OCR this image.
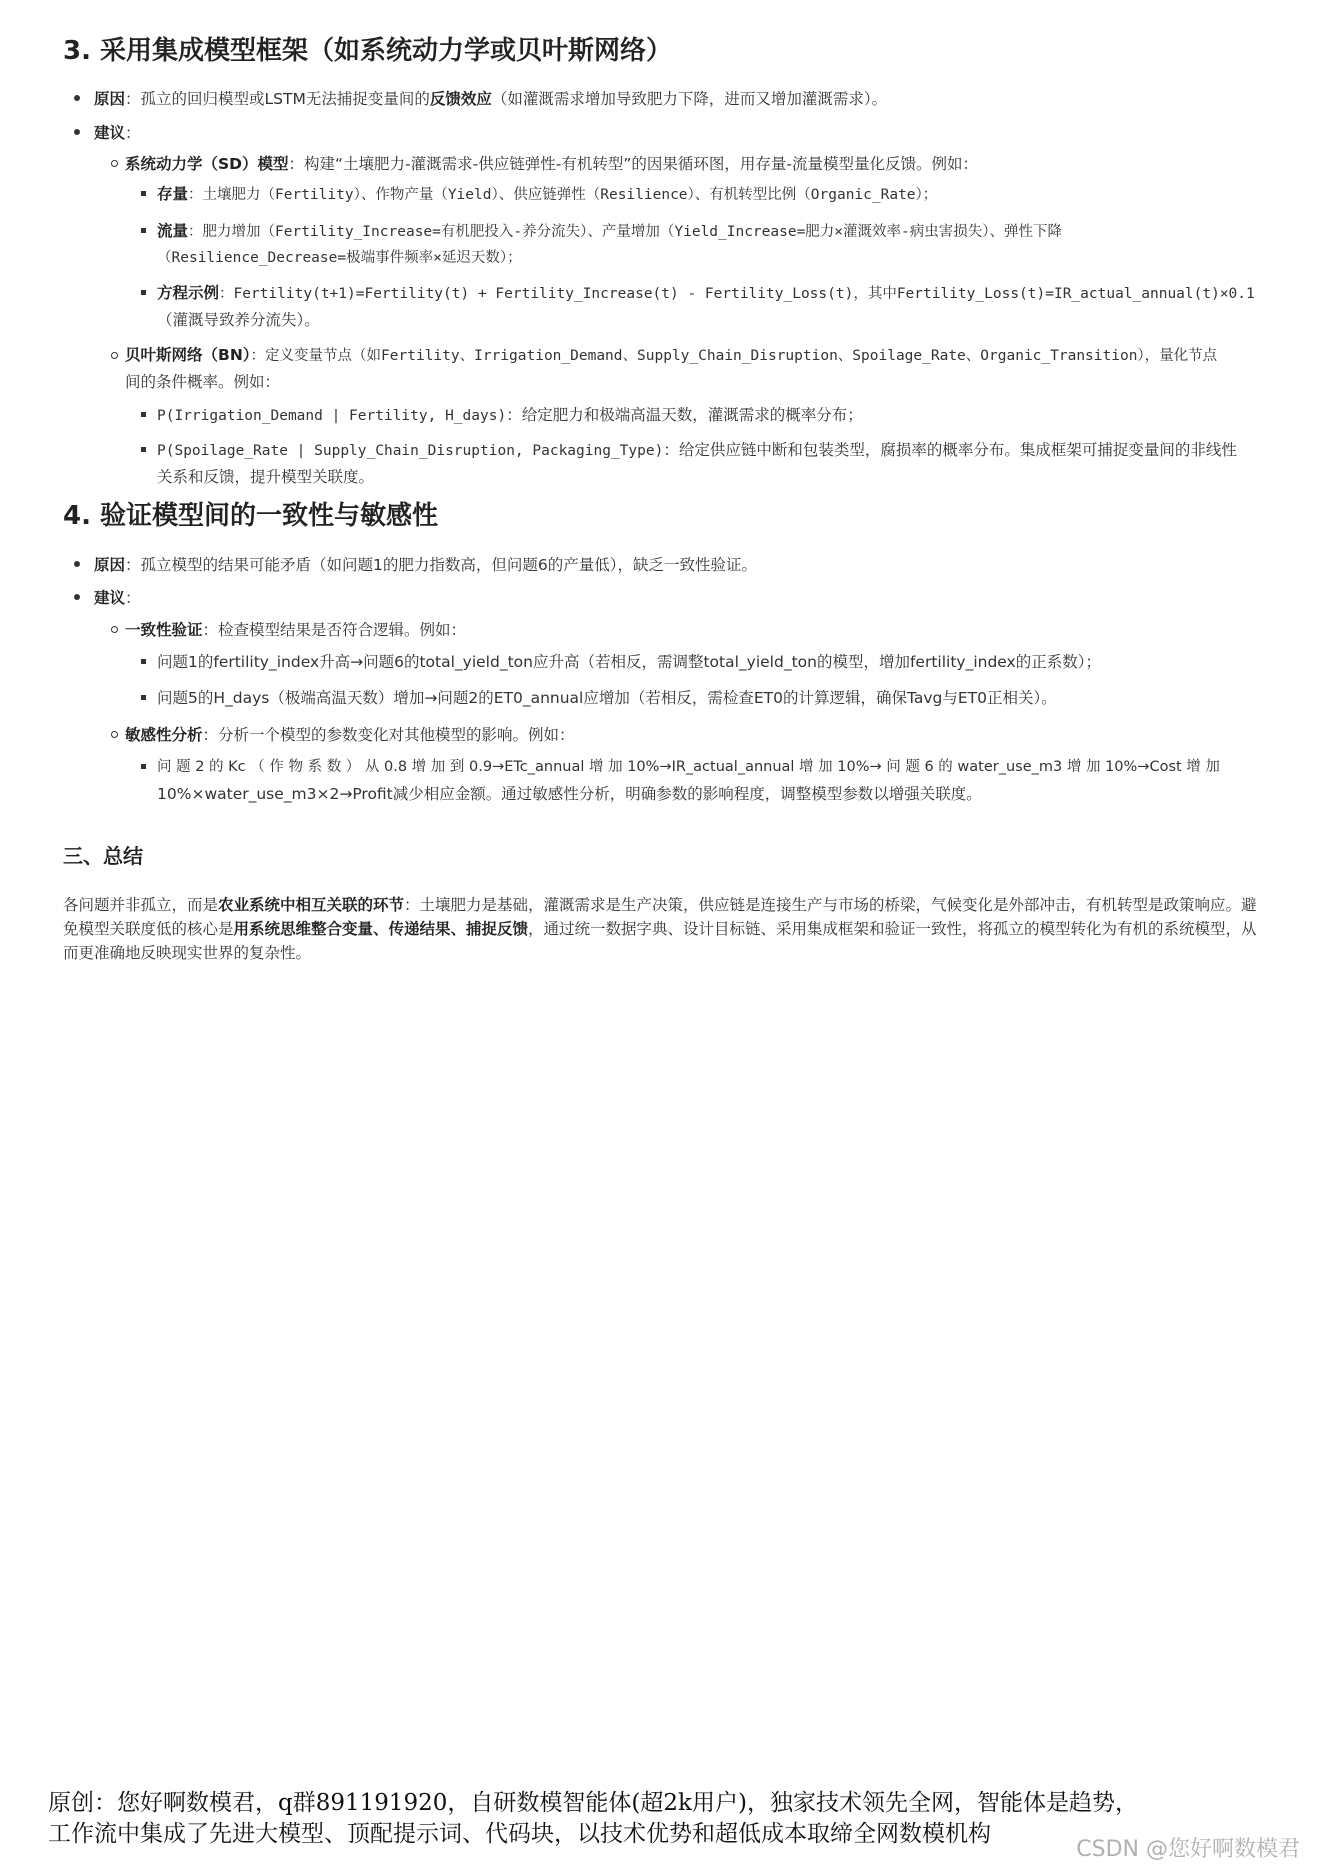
3. 采用集成模型框架（如系统动力学或贝叶斯网络）
原因：孤立的回归模型或LSTM无法捕捉变量间的反馈效应（如灌溉需求增加导致肥力下降，进而又增加灌溉需求）。
建议：
系统动力学（SD）模型：构建“土壤肥力-灌溉需求-供应链弹性-有机转型”的因果循环图，用存量-流量模型量化反馈。例如：
存量：土壤肥力（Fertility）、作物产量（Yield）、供应链弹性（Resilience）、有机转型比例（Organic_Rate）；
流量：肥力增加（Fertility_Increase=有机肥投入-养分流失）、产量增加（Yield_Increase=肥力×灌溉效率-病虫害损失）、弹性下降
（Resilience_Decrease=极端事件频率×延迟天数）；
方程示例：Fertility(t+1)=Fertility(t) + Fertility_Increase(t) - Fertility_Loss(t)，其中Fertility_Loss(t)=IR_actual_annual(t)×0.1
（灌溉导致养分流失）。
贝叶斯网络（BN）：定义变量节点（如Fertility、Irrigation_Demand、Supply_Chain_Disruption、Spoilage_Rate、Organic_Transition），量化节点
间的条件概率。例如：
P(Irrigation_Demand | Fertility, H_days)：给定肥力和极端高温天数，灌溉需求的概率分布；
P(Spoilage_Rate | Supply_Chain_Disruption, Packaging_Type)：给定供应链中断和包装类型，腐损率的概率分布。集成框架可捕捉变量间的非线性
关系和反馈，提升模型关联度。
4. 验证模型间的一致性与敏感性
原因：孤立模型的结果可能矛盾（如问题1的肥力指数高，但问题6的产量低），缺乏一致性验证。
建议：
一致性验证：检查模型结果是否符合逻辑。例如：
问题1的fertility_index升高→问题6的total_yield_ton应升高（若相反，需调整total_yield_ton的模型，增加fertility_index的正系数）；
问题5的H_days（极端高温天数）增加→问题2的ET0_annual应增加（若相反，需检查ET0的计算逻辑，确保Tavg与ET0正相关）。
敏感性分析：分析一个模型的参数变化对其他模型的影响。例如：
问 题 2 的 Kc （ 作 物 系 数 ） 从 0.8 增 加 到 0.9→ETc_annual 增 加 10%→IR_actual_annual 增 加 10%→ 问 题 6 的 water_use_m3 增 加 10%→Cost 增 加
10%×water_use_m3×2→Profit减少相应金额。通过敏感性分析，明确参数的影响程度，调整模型参数以增强关联度。
三、总结
各问题并非孤立，而是农业系统中相互关联的环节：土壤肥力是基础，灌溉需求是生产决策，供应链是连接生产与市场的桥梁，气候变化是外部冲击，有机转型是政策响应。避免模型关联度低的核心是用系统思维整合变量、传递结果、捕捉反馈，通过统一数据字典、设计目标链、采用集成框架和验证一致性，将孤立的模型转化为有机的系统模型，从而更准确地反映现实世界的复杂性。
原创：您好啊数模君，q群891191920，自研数模智能体(超2k用户)，独家技术领先全网，智能体是趋势，
工作流中集成了先进大模型、顶配提示词、代码块，以技术优势和超低成本取缔全网数模机构
CSDN @您好啊数模君
